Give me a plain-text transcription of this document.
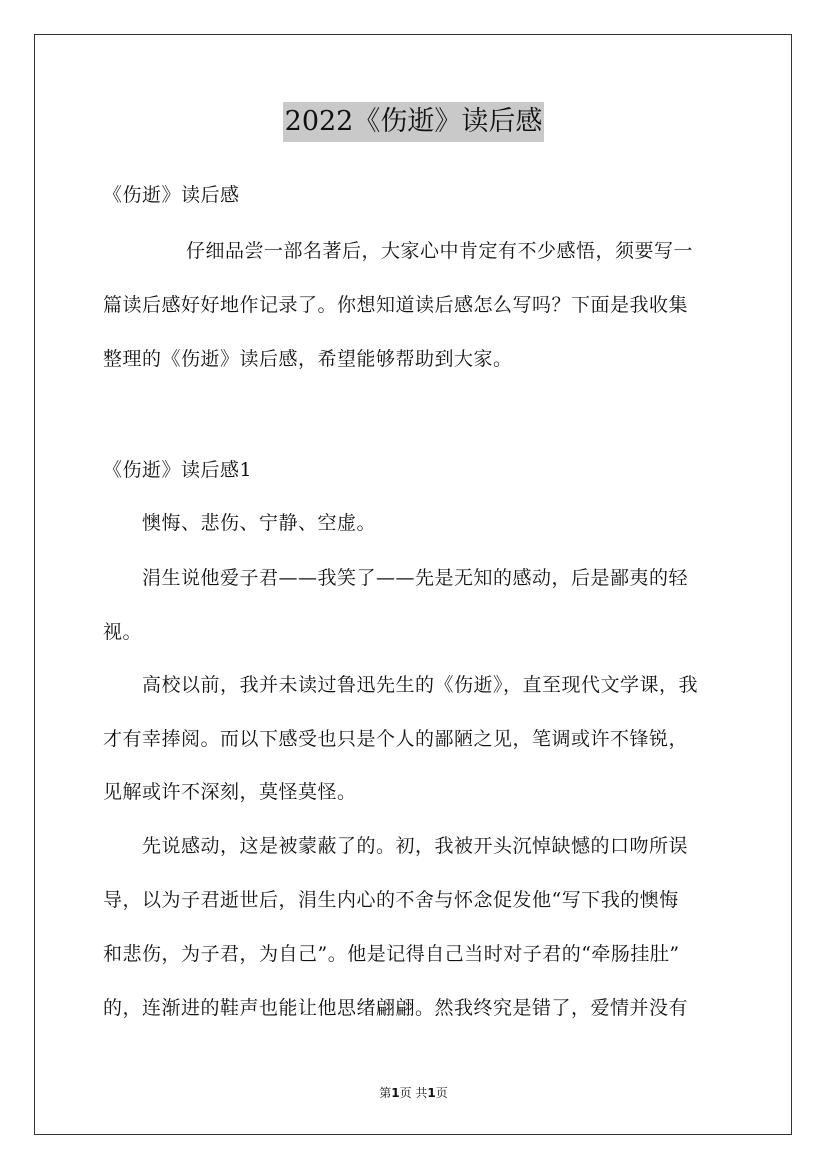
2022《伤逝》读后感
《伤逝》读后感
仔细品尝一部名著后，大家心中肯定有不少感悟，须要写一
篇读后感好好地作记录了。你想知道读后感怎么写吗？下面是我收集
整理的《伤逝》读后感，希望能够帮助到大家。
《伤逝》读后感1
懊悔、悲伤、宁静、空虚。
涓生说他爱子君——我笑了——先是无知的感动，后是鄙夷的轻
视。
高校以前，我并未读过鲁迅先生的《伤逝》，直至现代文学课，我
才有幸捧阅。而以下感受也只是个人的鄙陋之见，笔调或许不锋锐，
见解或许不深刻，莫怪莫怪。
先说感动，这是被蒙蔽了的。初，我被开头沉悼缺憾的口吻所误
导，以为子君逝世后，涓生内心的不舍与怀念促发他“写下我的懊悔
和悲伤，为子君，为自己”。他是记得自己当时对子君的“牵肠挂肚”
的，连渐进的鞋声也能让他思绪翩翩。然我终究是错了，爱情并没有
第1页 共1页
